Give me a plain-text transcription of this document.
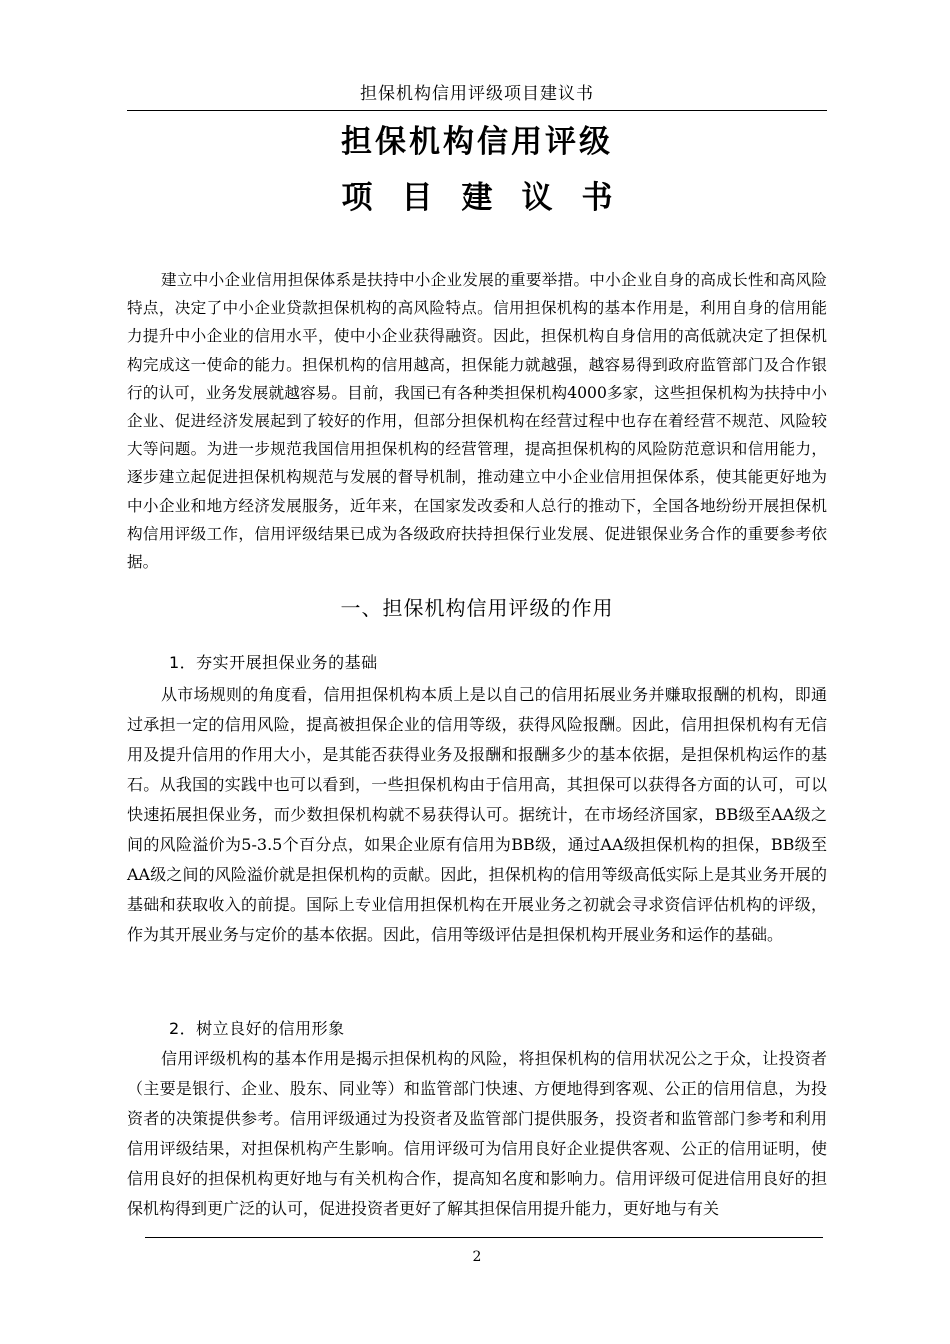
担保机构信用评级项目建议书
担保机构信用评级
项目建议书

建立中小企业信用担保体系是扶持中小企业发展的重要举措。中小企业自身的高成长性和高风险特点，决定了中小企业贷款担保机构的高风险特点。信用担保机构的基本作用是，利用自身的信用能力提升中小企业的信用水平，使中小企业获得融资。因此，担保机构自身信用的高低就决定了担保机构完成这一使命的能力。担保机构的信用越高，担保能力就越强，越容易得到政府监管部门及合作银行的认可，业务发展就越容易。目前，我国已有各种类担保机构4000多家，这些担保机构为扶持中小企业、促进经济发展起到了较好的作用，但部分担保机构在经营过程中也存在着经营不规范、风险较大等问题。为进一步规范我国信用担保机构的经营管理，提高担保机构的风险防范意识和信用能力，逐步建立起促进担保机构规范与发展的督导机制，推动建立中小企业信用担保体系，使其能更好地为中小企业和地方经济发展服务，近年来，在国家发改委和人总行的推动下，全国各地纷纷开展担保机构信用评级工作，信用评级结果已成为各级政府扶持担保行业发展、促进银保业务合作的重要参考依据。

一、担保机构信用评级的作用
1．夯实开展担保业务的基础

从市场规则的角度看，信用担保机构本质上是以自己的信用拓展业务并赚取报酬的机构，即通过承担一定的信用风险，提高被担保企业的信用等级，获得风险报酬。因此，信用担保机构有无信用及提升信用的作用大小，是其能否获得业务及报酬和报酬多少的基本依据，是担保机构运作的基石。从我国的实践中也可以看到，一些担保机构由于信用高，其担保可以获得各方面的认可，可以快速拓展担保业务，而少数担保机构就不易获得认可。据统计，在市场经济国家，BB级至AA级之间的风险溢价为5-3.5个百分点，如果企业原有信用为BB级，通过AA级担保机构的担保，BB级至AA级之间的风险溢价就是担保机构的贡献。因此，担保机构的信用等级高低实际上是其业务开展的基础和获取收入的前提。国际上专业信用担保机构在开展业务之初就会寻求资信评估机构的评级，作为其开展业务与定价的基本依据。因此，信用等级评估是担保机构开展业务和运作的基础。

2．树立良好的信用形象

信用评级机构的基本作用是揭示担保机构的风险，将担保机构的信用状况公之于众，让投资者（主要是银行、企业、股东、同业等）和监管部门快速、方便地得到客观、公正的信用信息，为投资者的决策提供参考。信用评级通过为投资者及监管部门提供服务，投资者和监管部门参考和利用信用评级结果，对担保机构产生影响。信用评级可为信用良好企业提供客观、公正的信用证明，使信用良好的担保机构更好地与有关机构合作，提高知名度和影响力。信用评级可促进信用良好的担保机构得到更广泛的认可，促进投资者更好了解其担保信用提升能力，更好地与有关

2
